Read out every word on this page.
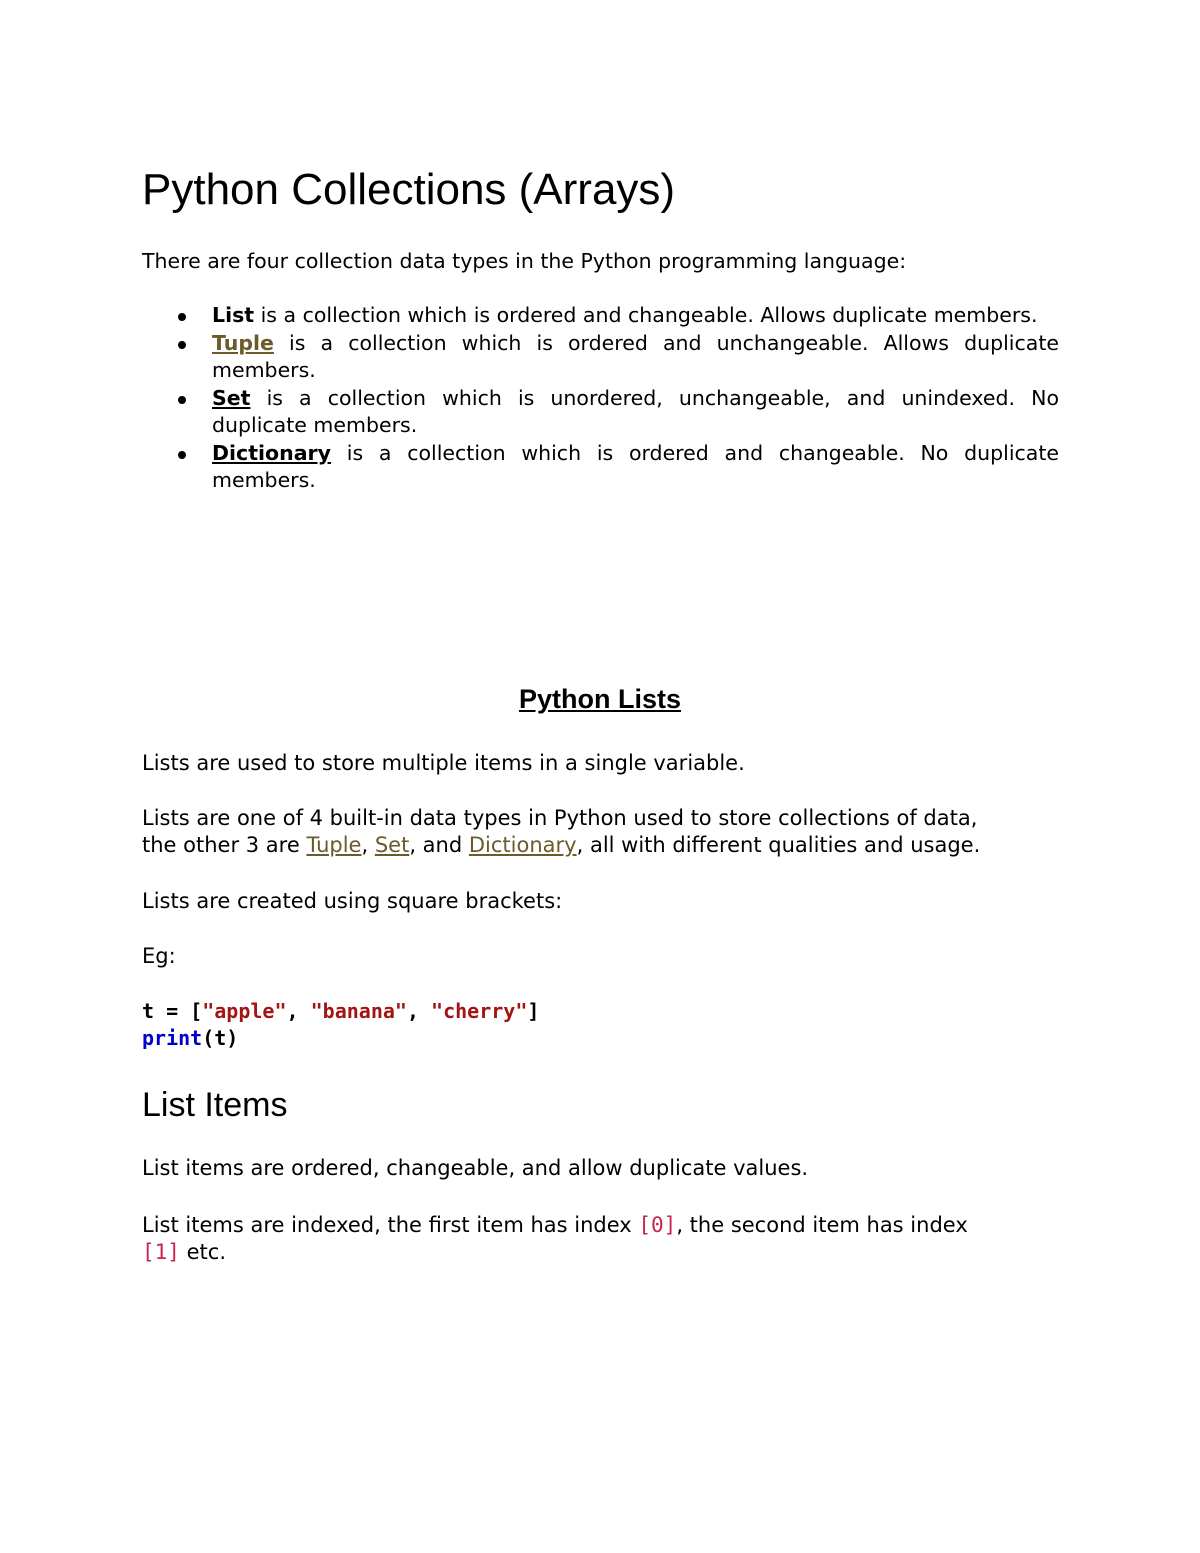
Python Collections (Arrays)

There are four collection data types in the Python programming language:

List is a collection which is ordered and changeable. Allows duplicate members.
Tuple is a collection which is ordered and unchangeable. Allows duplicate members.
Set is a collection which is unordered, unchangeable, and unindexed. No duplicate members.
Dictionary is a collection which is ordered and changeable. No duplicate members.
Python Lists

Lists are used to store multiple items in a single variable.

Lists are one of 4 built-in data types in Python used to store collections of data,
the other 3 are Tuple, Set, and Dictionary, all with different qualities and usage.

Lists are created using square brackets:

Eg:

t = ["apple", "banana", "cherry"]
print(t)
List Items

List items are ordered, changeable, and allow duplicate values.

List items are indexed, the first item has index [0], the second item has index
[1] etc.
